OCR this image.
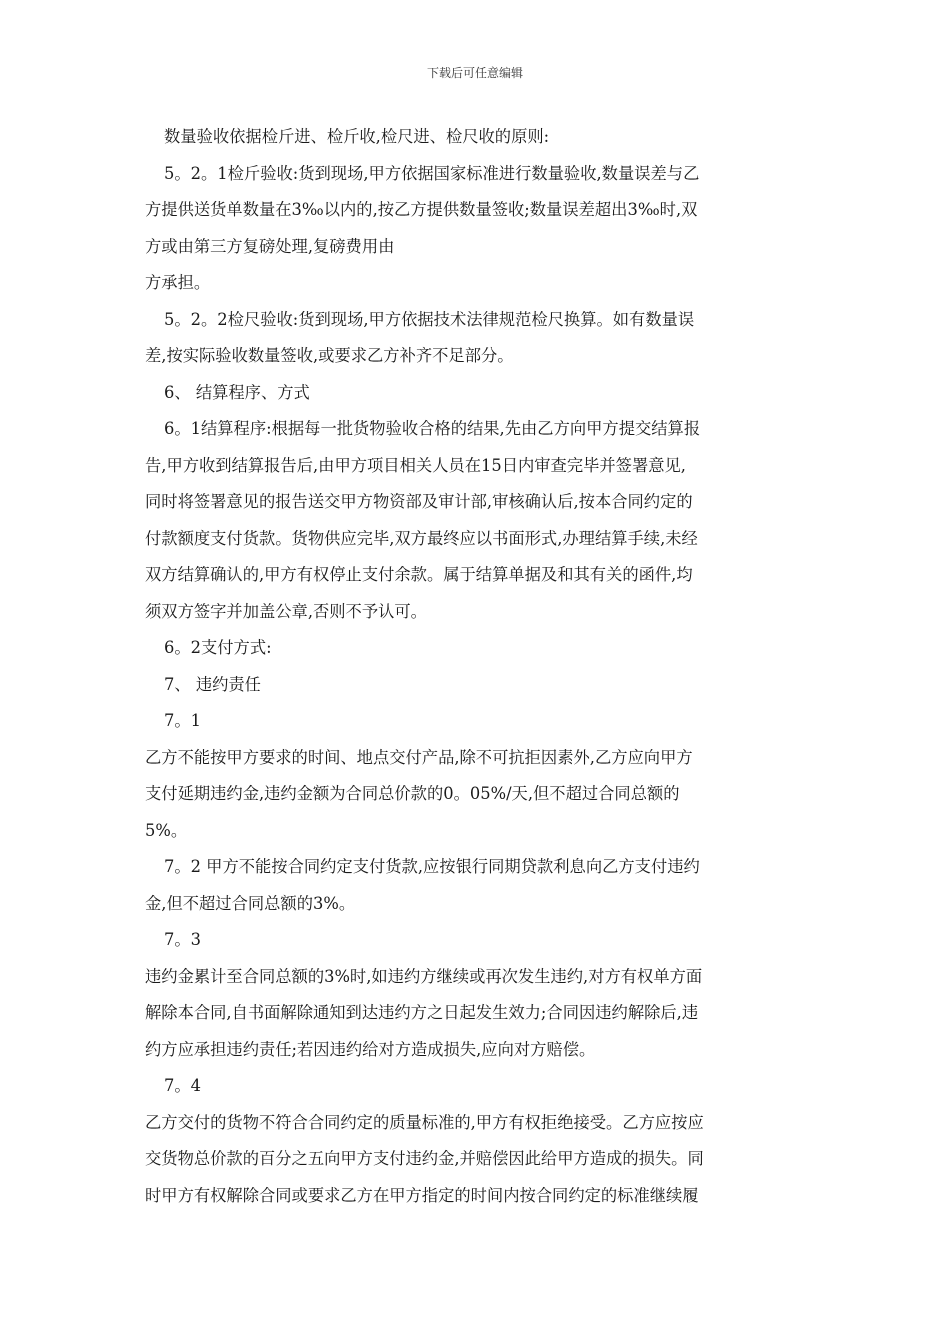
下载后可任意编辑
数量验收依据检斤进、检斤收,检尺进、检尺收的原则:
5。2。1检斤验收:货到现场,甲方依据国家标准进行数量验收,数量误差与乙
方提供送货单数量在3‰以内的,按乙方提供数量签收;数量误差超出3‰时,双
方或由第三方复磅处理,复磅费用由
方承担。
5。2。2检尺验收:货到现场,甲方依据技术法律规范检尺换算。如有数量误
差,按实际验收数量签收,或要求乙方补齐不足部分。
6、 结算程序、方式
6。1结算程序:根据每一批货物验收合格的结果,先由乙方向甲方提交结算报
告,甲方收到结算报告后,由甲方项目相关人员在15日内审查完毕并签署意见,
同时将签署意见的报告送交甲方物资部及审计部,审核确认后,按本合同约定的
付款额度支付货款。货物供应完毕,双方最终应以书面形式,办理结算手续,未经
双方结算确认的,甲方有权停止支付余款。属于结算单据及和其有关的函件,均
须双方签字并加盖公章,否则不予认可。
6。2支付方式:
7、 违约责任
7。1
乙方不能按甲方要求的时间、地点交付产品,除不可抗拒因素外,乙方应向甲方
支付延期违约金,违约金额为合同总价款的0。05%/天,但不超过合同总额的
5%。
7。2 甲方不能按合同约定支付货款,应按银行同期贷款利息向乙方支付违约
金,但不超过合同总额的3%。
7。3
违约金累计至合同总额的3%时,如违约方继续或再次发生违约,对方有权单方面
解除本合同,自书面解除通知到达违约方之日起发生效力;合同因违约解除后,违
约方应承担违约责任;若因违约给对方造成损失,应向对方赔偿。
7。4
乙方交付的货物不符合合同约定的质量标准的,甲方有权拒绝接受。乙方应按应
交货物总价款的百分之五向甲方支付违约金,并赔偿因此给甲方造成的损失。同
时甲方有权解除合同或要求乙方在甲方指定的时间内按合同约定的标准继续履
